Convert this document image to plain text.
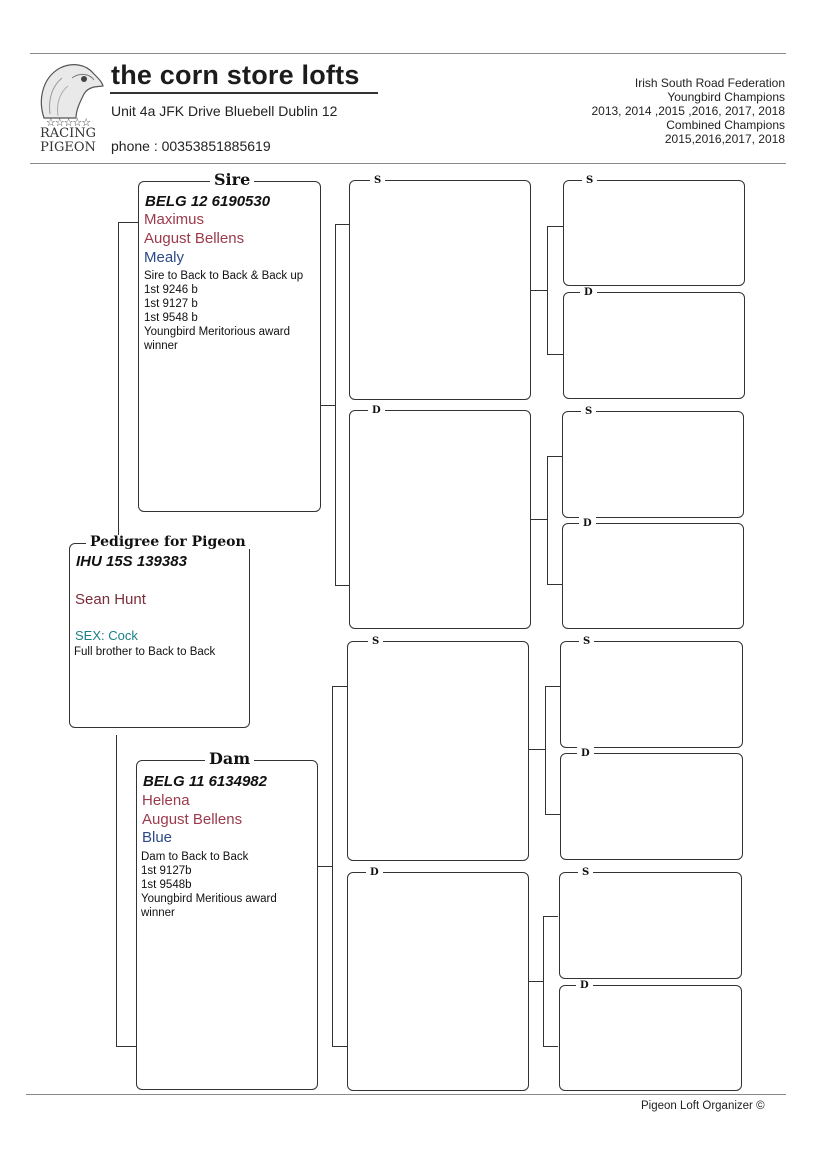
☆☆☆☆☆
RACING
PIGEON
the corn store lofts
Unit 4a JFK Drive Bluebell Dublin 12
phone : 00353851885619
Irish South Road Federation
Youngbird Champions
2013, 2014 ,2015 ,2016, 2017, 2018
Combined Champions
2015,2016,2017, 2018
IHU 15S 139383
Sean Hunt
SEX: Cock
Full brother to Back to Back
Pedigree for Pigeon
BELG 12 6190530
Maximus
August Bellens
Mealy
Sire to Back to Back & Back up
1st 9246 b
1st 9127 b
1st 9548 b
Youngbird Meritorious award
winner
Sire
BELG 11 6134982
Helena
August Bellens
Blue
Dam to Back to Back
1st 9127b
1st 9548b
Youngbird Meritious award
winner
Dam
S
D
S
D
S
D
S
D
S
D
S
D
Pigeon Loft Organizer ©
